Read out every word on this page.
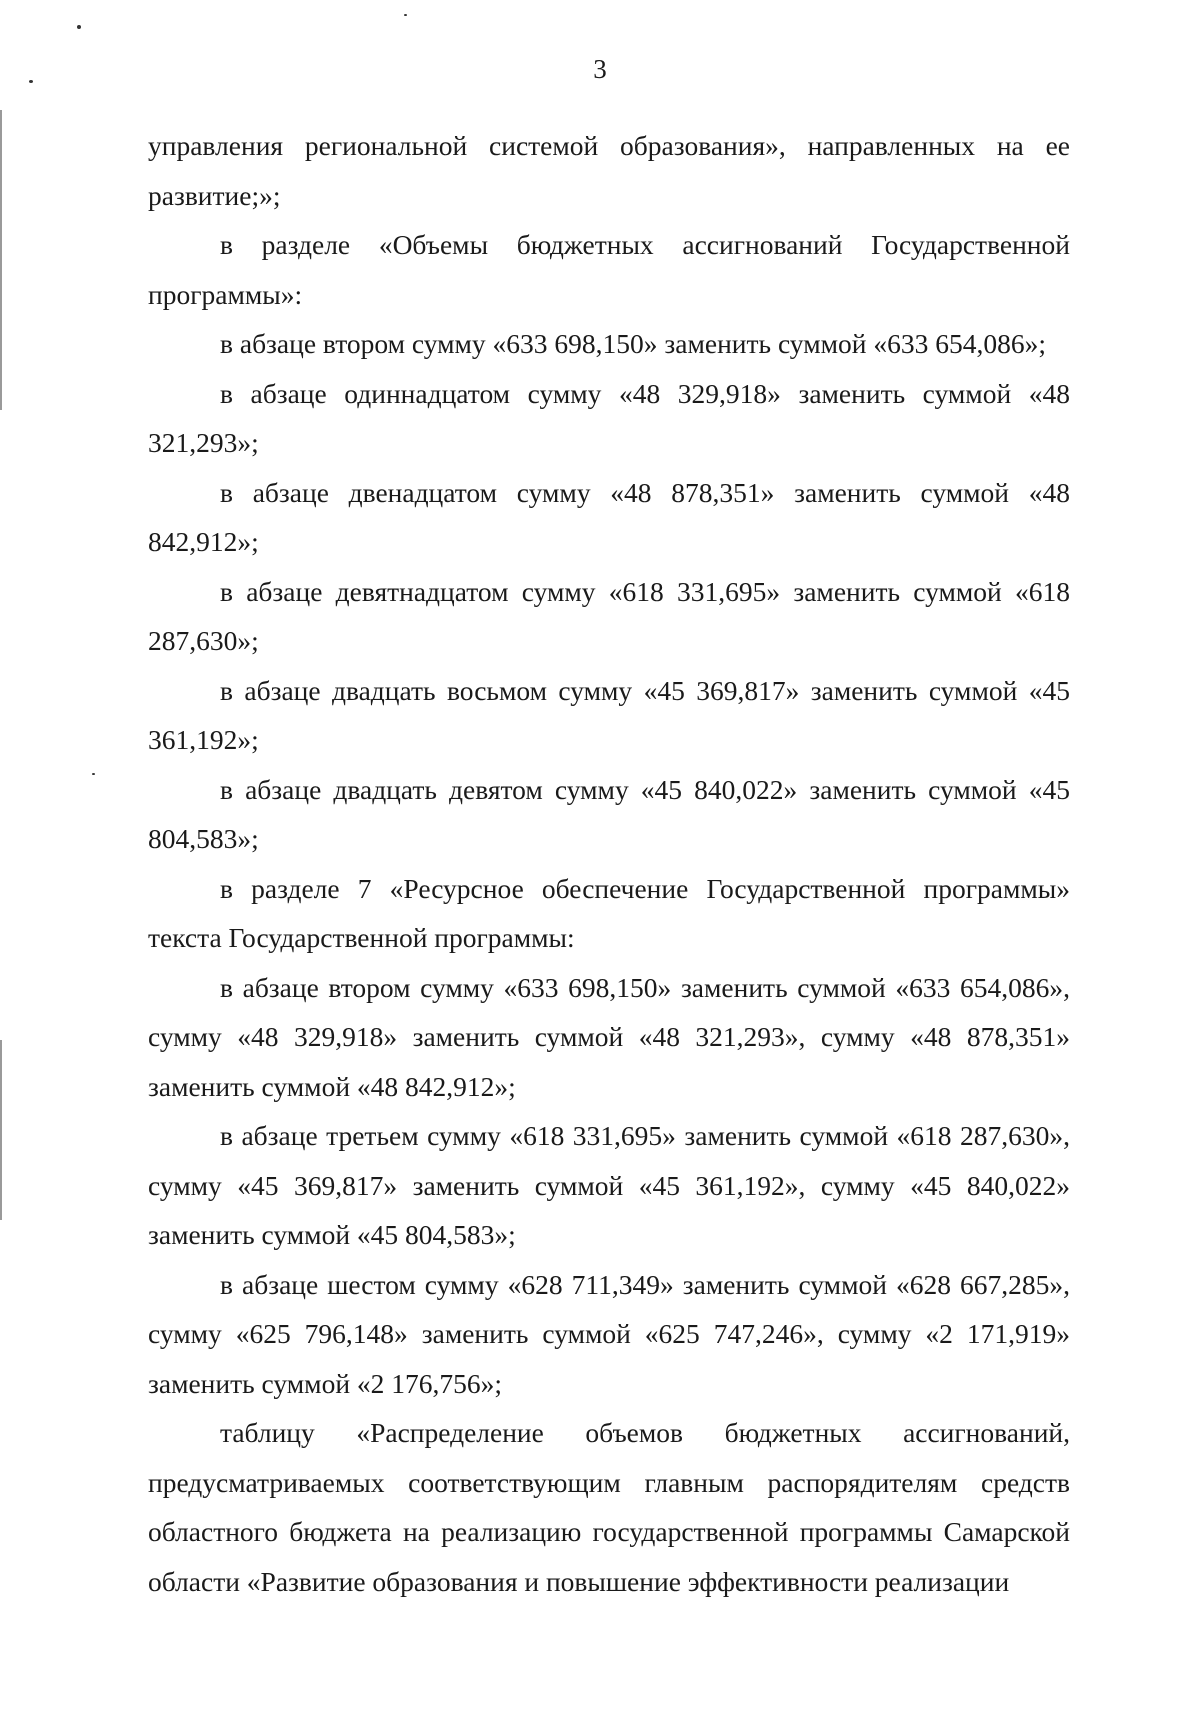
3

управления региональной системой образования», направленных на ее развитие;»;

в разделе «Объемы бюджетных ассигнований Государственной программы»:

в абзаце втором сумму «633 698,150» заменить суммой «633 654,086»;

в абзаце одиннадцатом сумму «48 329,918» заменить суммой «48 321,293»;

в абзаце двенадцатом сумму «48 878,351» заменить суммой «48 842,912»;

в абзаце девятнадцатом сумму «618 331,695» заменить суммой «618 287,630»;

в абзаце двадцать восьмом сумму «45 369,817» заменить суммой «45 361,192»;

в абзаце двадцать девятом сумму «45 840,022» заменить суммой «45 804,583»;

в разделе 7 «Ресурсное обеспечение Государственной программы» текста Государственной программы:

в абзаце втором сумму «633 698,150» заменить суммой «633 654,086», сумму «48 329,918» заменить суммой «48 321,293», сумму «48 878,351» заменить суммой «48 842,912»;

в абзаце третьем сумму «618 331,695» заменить суммой «618 287,630», сумму «45 369,817» заменить суммой «45 361,192», сумму «45 840,022» заменить суммой «45 804,583»;

в абзаце шестом сумму «628 711,349» заменить суммой «628 667,285», сумму «625 796,148» заменить суммой «625 747,246», сумму «2 171,919» заменить суммой «2 176,756»;

таблицу «Распределение объемов бюджетных ассигнований, предусматриваемых соответствующим главным распорядителям средств областного бюджета на реализацию государственной программы Самарской области «Развитие образования и повышение эффективности реализации
